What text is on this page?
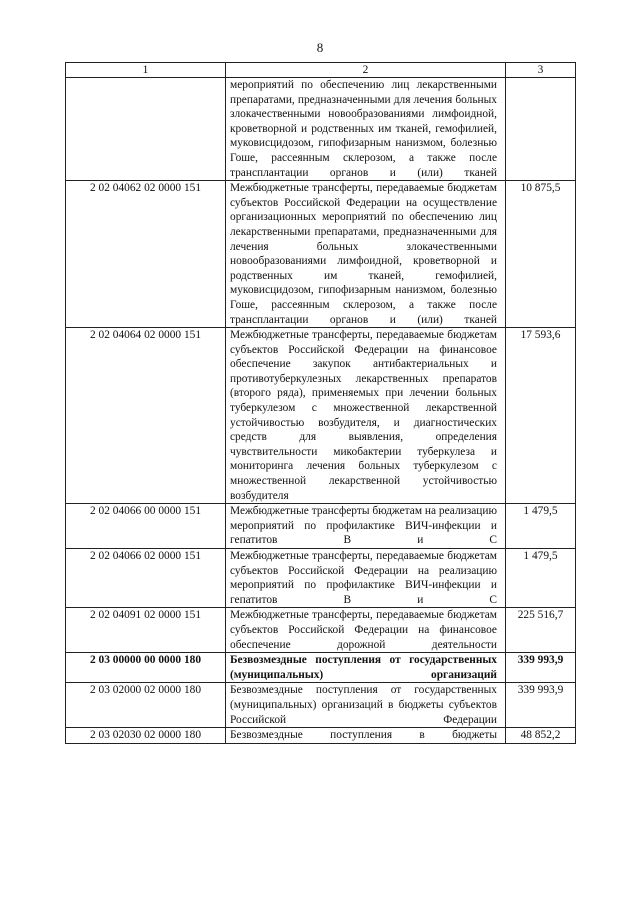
8
1	2	3
	мероприятий по обеспечению лиц лекарственными препаратами, предназначенными для лечения больных злокачественными новообразованиями лимфоидной, кроветворной и родственных им тканей, гемофилией, муковисцидозом, гипофизарным нанизмом, болезнью Гоше, рассеянным склерозом, а также после трансплантации органов и (или) тканей	
2 02 04062 02 0000 151	Межбюджетные трансферты, передаваемые бюджетам субъектов Российской Федерации на осуществление организационных мероприятий по обеспечению лиц лекарственными препаратами, предназначенными для лечения больных злокачественными новообразованиями лимфоидной, кроветворной и родственных им тканей, гемофилией, муковисцидозом, гипофизарным нанизмом, болезнью Гоше, рассеянным склерозом, а также после трансплантации органов и (или) тканей	10 875,5
2 02 04064 02 0000 151	Межбюджетные трансферты, передаваемые бюджетам субъектов Российской Федерации на финансовое обеспечение закупок антибактериальных и противотуберкулезных лекарственных препаратов (второго ряда), применяемых при лечении больных туберкулезом с множественной лекарственной устойчивостью возбудителя, и диагностических средств для выявления, определения чувствительности микобактерии туберкулеза и мониторинга лечения больных туберкулезом с множественной лекарственной устойчивостью возбудителя	17 593,6
2 02 04066 00 0000 151	Межбюджетные трансферты бюджетам на реализацию мероприятий по профилактике ВИЧ-инфекции и гепатитов B и C	1 479,5
2 02 04066 02 0000 151	Межбюджетные трансферты, передаваемые бюджетам субъектов Российской Федерации на реализацию мероприятий по профилактике ВИЧ-инфекции и гепатитов B и C	1 479,5
2 02 04091 02 0000 151	Межбюджетные трансферты, передаваемые бюджетам субъектов Российской Федерации на финансовое обеспечение дорожной деятельности	225 516,7
2 03 00000 00 0000 180	Безвозмездные поступления от государственных (муниципальных) организаций	339 993,9
2 03 02000 02 0000 180	Безвозмездные поступления от государственных (муниципальных) организаций в бюджеты субъектов Российской Федерации	339 993,9
2 03 02030 02 0000 180	Безвозмездные поступления в бюджеты	48 852,2
